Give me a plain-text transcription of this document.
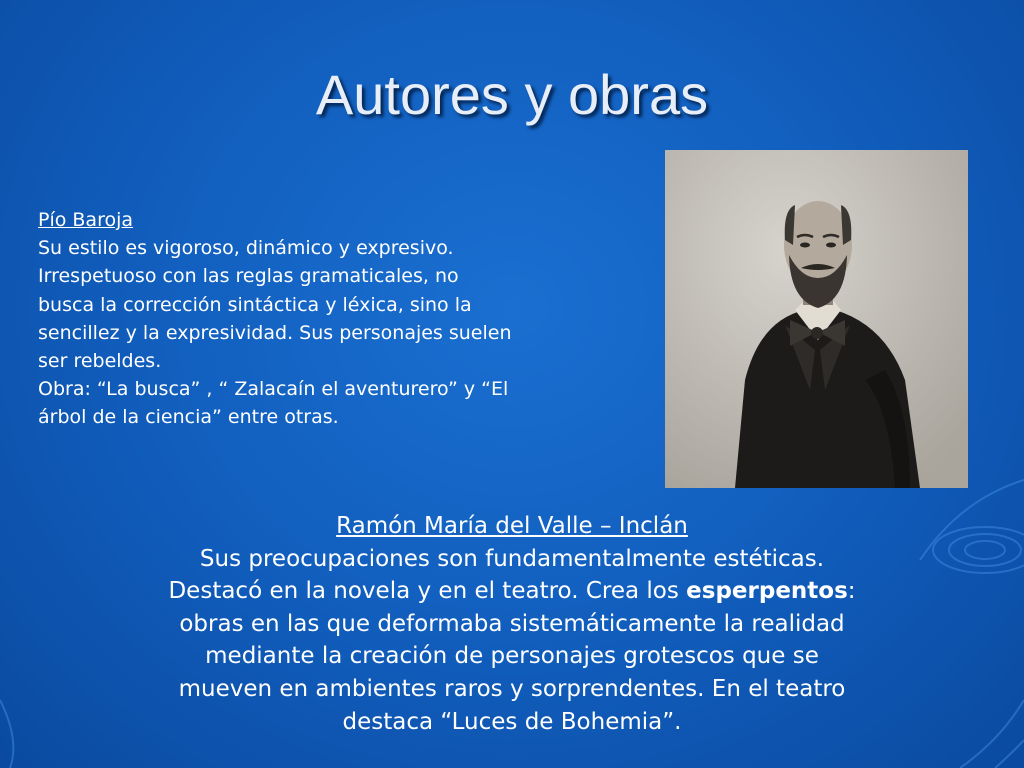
Autores y obras
Pío Baroja
Su estilo es vigoroso, dinámico y expresivo.
Irrespetuoso con las reglas gramaticales, no
busca la corrección sintáctica y léxica, sino la
sencillez y la expresividad. Sus personajes suelen
ser rebeldes.
Obra: “La busca” , “ Zalacaín el aventurero” y “El
árbol de la ciencia” entre otras.
Ramón María del Valle – Inclán
Sus preocupaciones son fundamentalmente estéticas.
Destacó en la novela y en el teatro. Crea los esperpentos:
obras en las que deformaba sistemáticamente la realidad
mediante la creación de personajes grotescos que se
mueven en ambientes raros y sorprendentes. En el teatro
destaca “Luces de Bohemia”.
